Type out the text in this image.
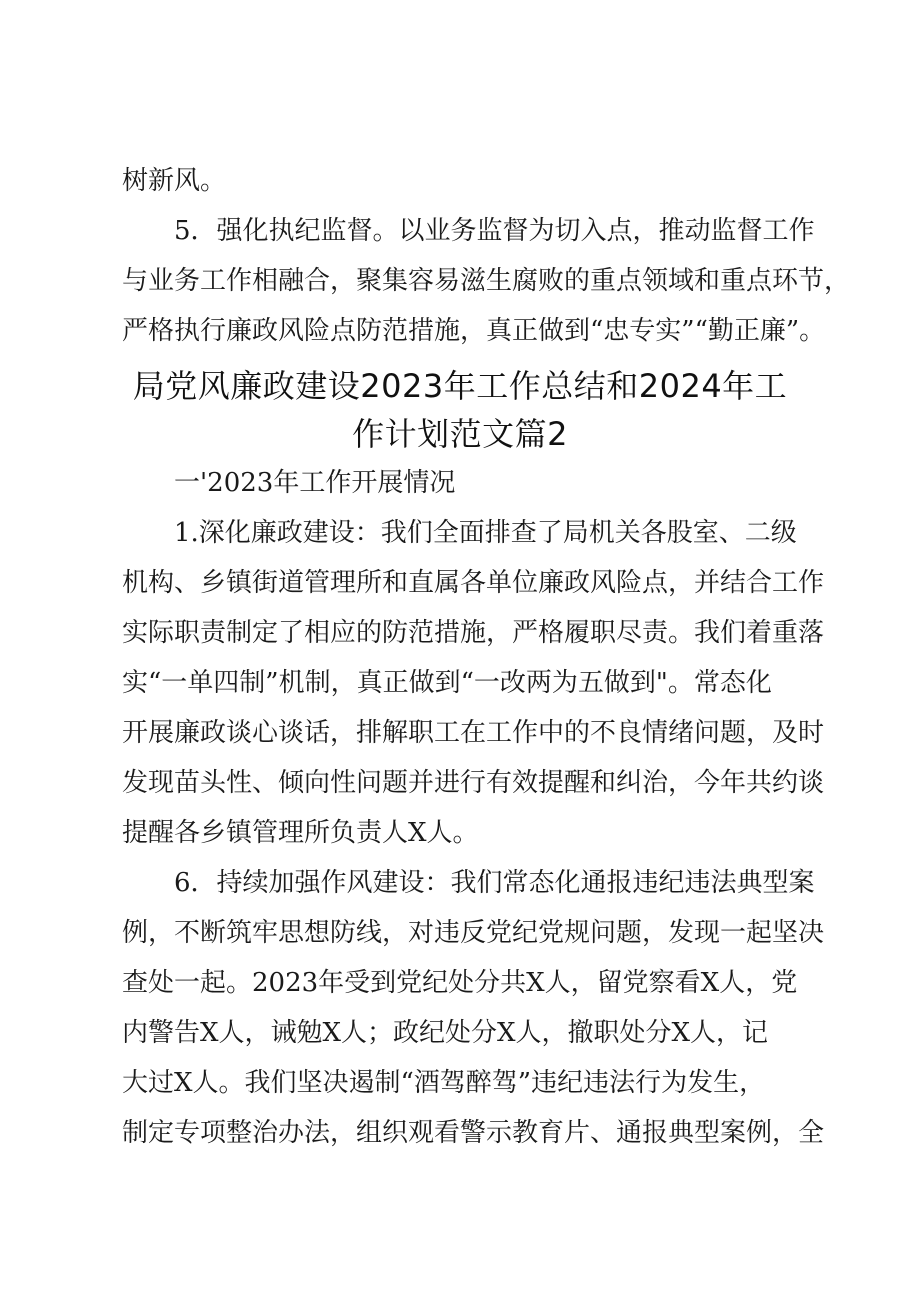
树新风。
5．强化执纪监督。以业务监督为切入点，推动监督工作
与业务工作相融合，聚集容易滋生腐败的重点领域和重点环节，
严格执行廉政风险点防范措施，真正做到“忠专实”“勤正廉”。
局党风廉政建设2023年工作总结和2024年工
作计划范文篇2
一'2023年工作开展情况
1.深化廉政建设：我们全面排查了局机关各股室、二级
机构、乡镇街道管理所和直属各单位廉政风险点，并结合工作
实际职责制定了相应的防范措施，严格履职尽责。我们着重落
实“一单四制”机制，真正做到“一改两为五做到"。常态化
开展廉政谈心谈话，排解职工在工作中的不良情绪问题，及时
发现苗头性、倾向性问题并进行有效提醒和纠治，今年共约谈
提醒各乡镇管理所负责人X人。
6．持续加强作风建设：我们常态化通报违纪违法典型案
例，不断筑牢思想防线，对违反党纪党规问题，发现一起坚决
查处一起。2023年受到党纪处分共X人，留党察看X人，党
内警告X人，诫勉X人；政纪处分X人，撤职处分X人，记
大过X人。我们坚决遏制“酒驾醉驾”违纪违法行为发生，
制定专项整治办法，组织观看警示教育片、通报典型案例，全
